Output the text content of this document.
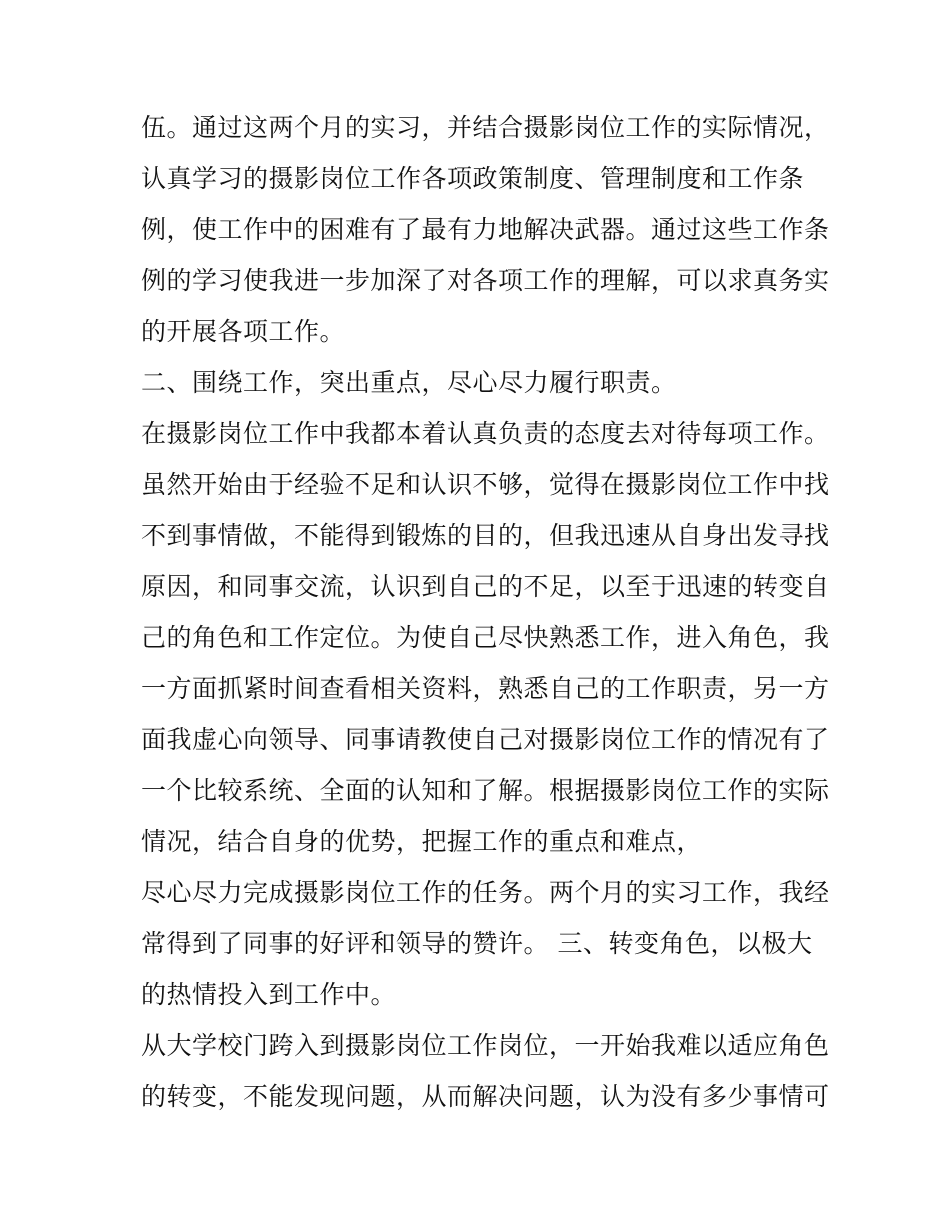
伍。通过这两个月的实习，并结合摄影岗位工作的实际情况，
认真学习的摄影岗位工作各项政策制度、管理制度和工作条
例，使工作中的困难有了最有力地解决武器。通过这些工作条
例的学习使我进一步加深了对各项工作的理解，可以求真务实
的开展各项工作。
二、围绕工作，突出重点，尽心尽力履行职责。
在摄影岗位工作中我都本着认真负责的态度去对待每项工作。
虽然开始由于经验不足和认识不够，觉得在摄影岗位工作中找
不到事情做，不能得到锻炼的目的，但我迅速从自身出发寻找
原因，和同事交流，认识到自己的不足，以至于迅速的转变自
己的角色和工作定位。为使自己尽快熟悉工作，进入角色，我
一方面抓紧时间查看相关资料，熟悉自己的工作职责，另一方
面我虚心向领导、同事请教使自己对摄影岗位工作的情况有了
一个比较系统、全面的认知和了解。根据摄影岗位工作的实际
情况，结合自身的优势，把握工作的重点和难点，
尽心尽力完成摄影岗位工作的任务。两个月的实习工作，我经
常得到了同事的好评和领导的赞许。 三、转变角色，以极大
的热情投入到工作中。
从大学校门跨入到摄影岗位工作岗位，一开始我难以适应角色
的转变，不能发现问题，从而解决问题，认为没有多少事情可
